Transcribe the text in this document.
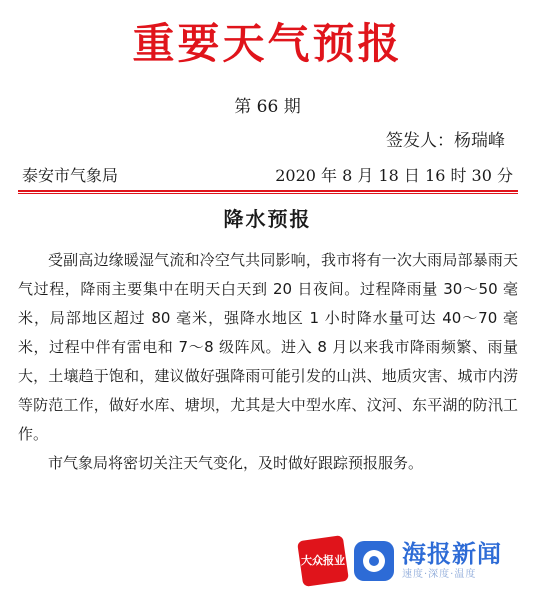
重要天气预报
第 66 期
签发人：杨瑞峰
泰安市气象局	2020 年 8 月 18 日 16 时 30 分
降水预报

受副高边缘暖湿气流和冷空气共同影响，我市将有一次大雨局部暴雨天气过程，降雨主要集中在明天白天到 20 日夜间。过程降雨量 30～50 毫米，局部地区超过 80 毫米，强降水地区 1 小时降水量可达 40～70 毫米，过程中伴有雷电和 7～8 级阵风。进入 8 月以来我市降雨频繁、雨量大，土壤趋于饱和，建议做好强降雨可能引发的山洪、地质灾害、城市内涝等防范工作，做好水库、塘坝，尤其是大中型水库、汶河、东平湖的防汛工作。

市气象局将密切关注天气变化，及时做好跟踪预报服务。

大众报业 海报新闻
速度·深度·温度
